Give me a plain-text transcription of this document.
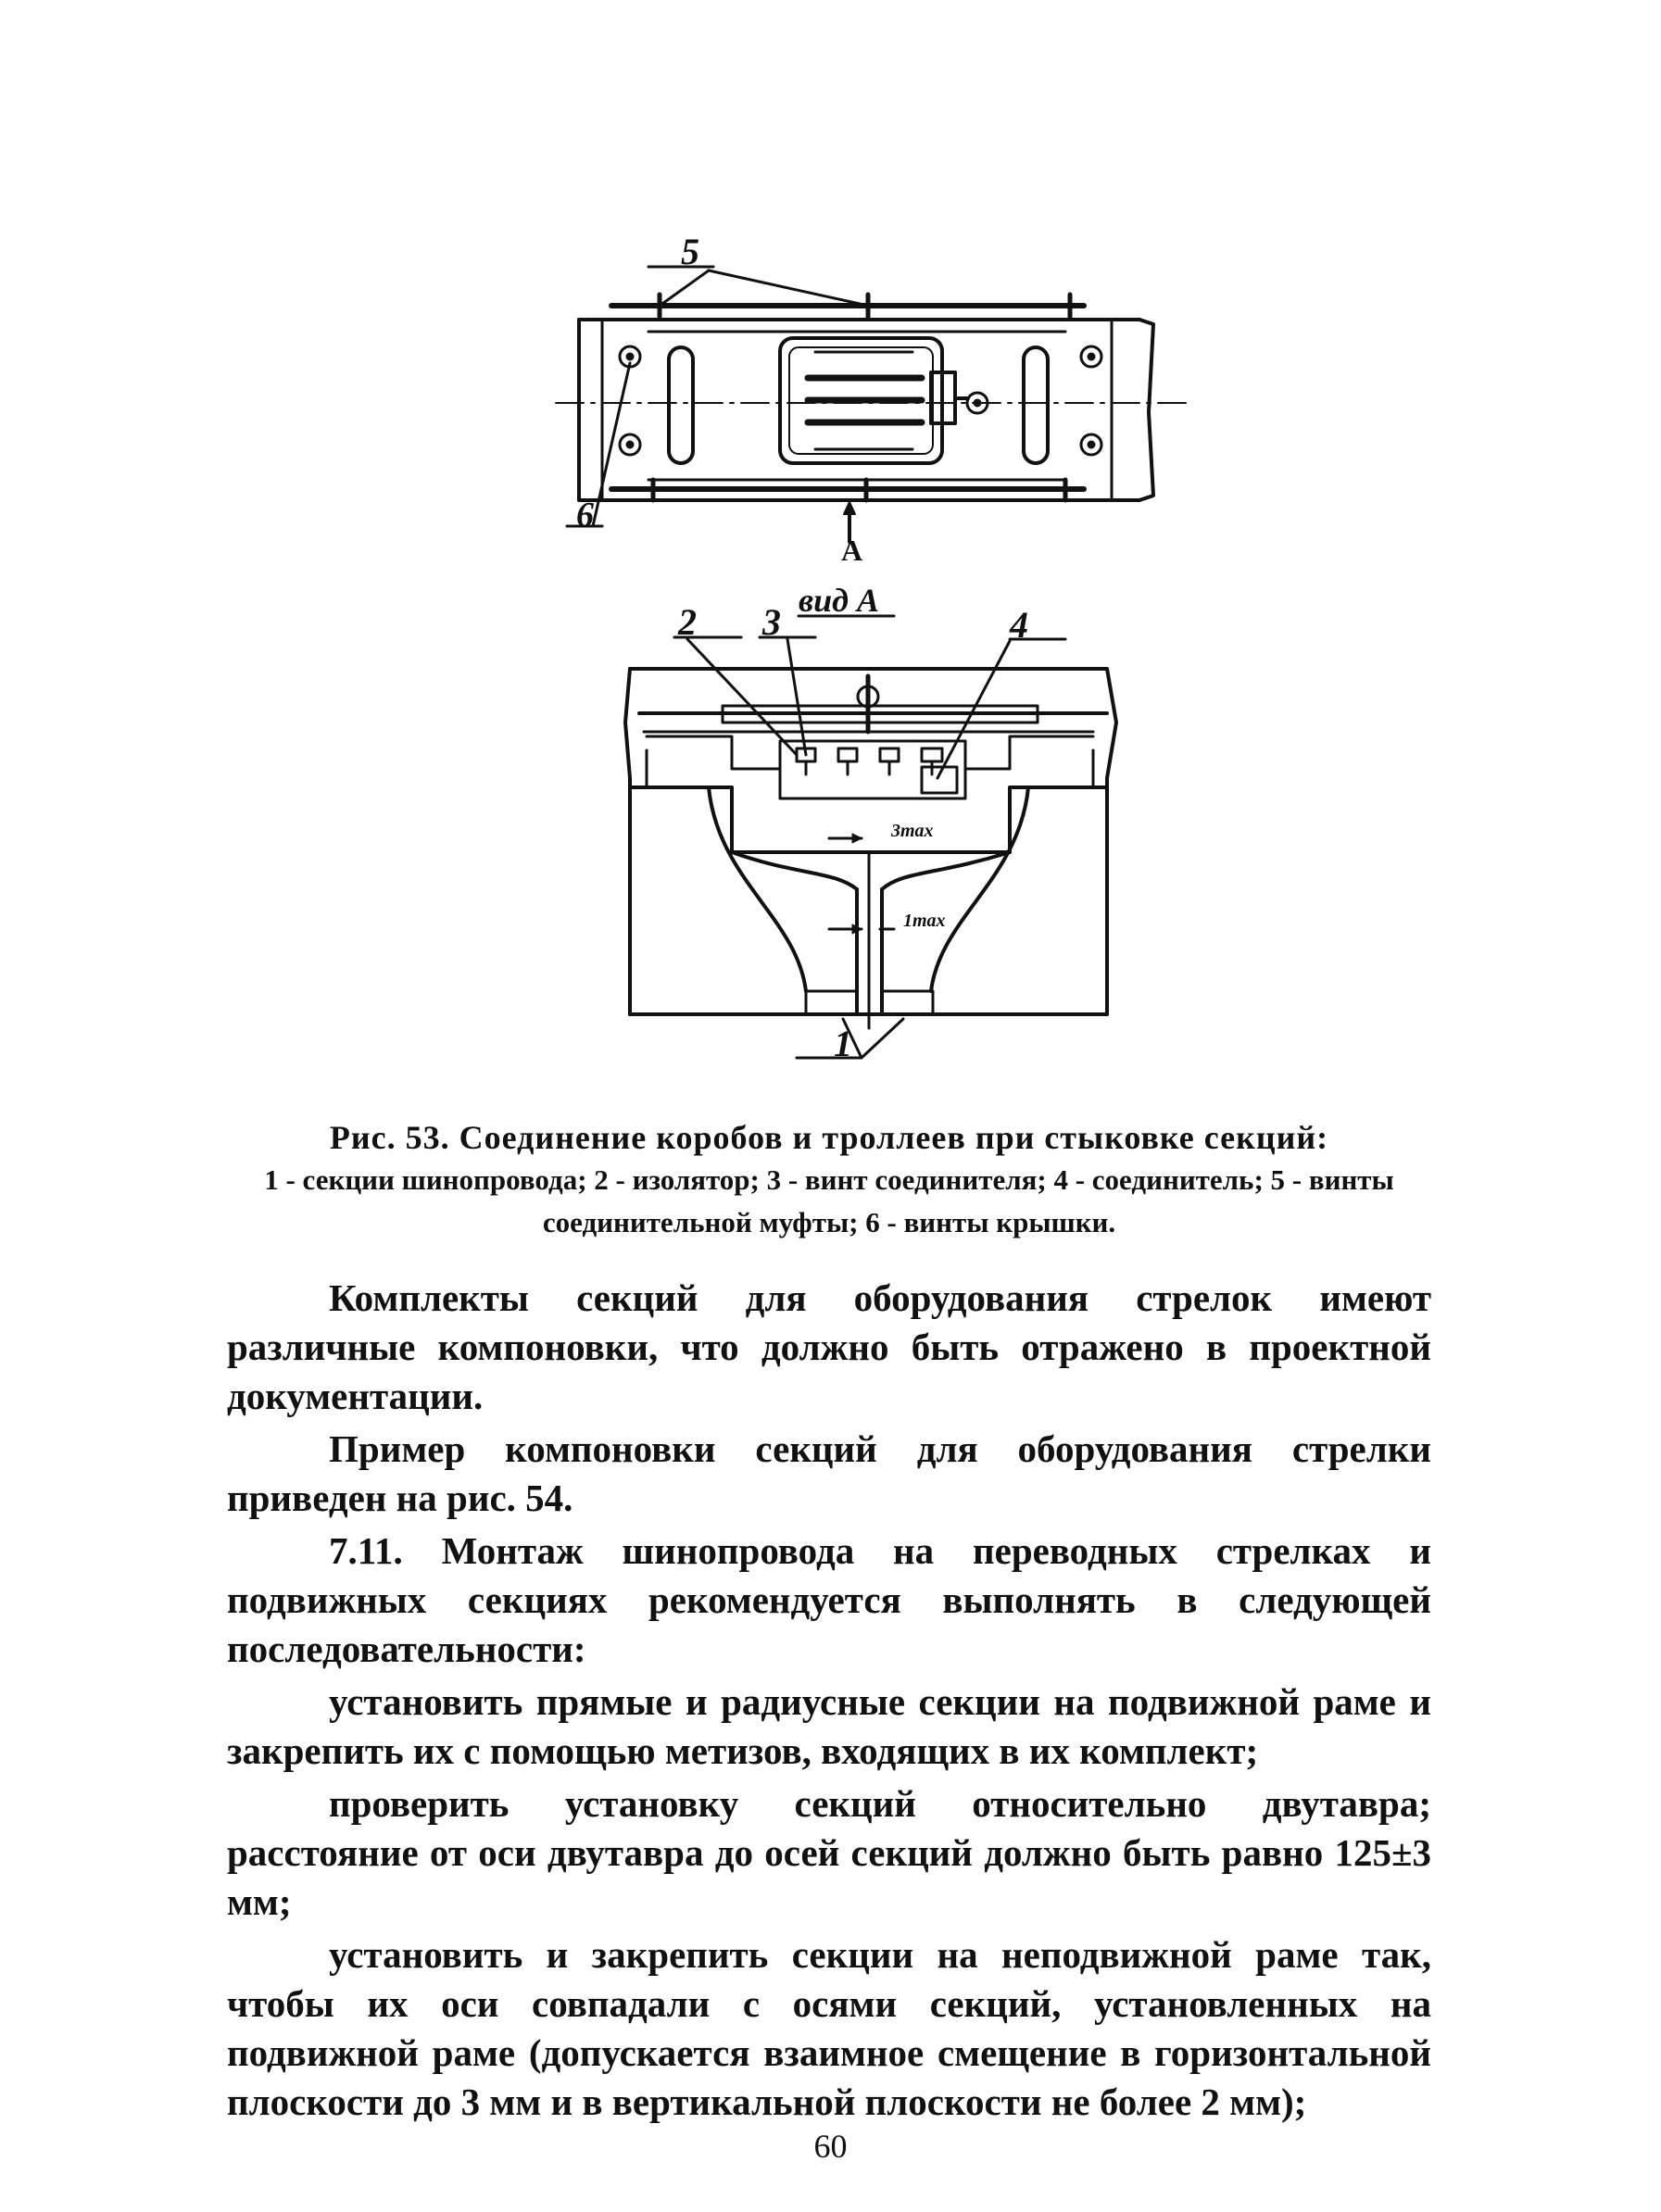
5
6
A
вид А
2 3	4
1
3max
1max
Рис. 53. Соединение коробов и троллеев при стыковке секций:
1 - секции шинопровода; 2 - изолятор; 3 - винт соединителя; 4 - соединитель; 5 - винты соединительной муфты; 6 - винты крышки.

Комплекты секций для оборудования стрелок имеют различные компоновки, что должно быть отражено в проектной документации.

Пример компоновки секций для оборудования стрелки приведен на рис. 54.

7.11. Монтаж шинопровода на переводных стрелках и подвижных секциях рекомендуется выполнять в следующей последовательности:

установить прямые и радиусные секции на подвижной раме и закрепить их с помощью метизов, входящих в их комплект;

проверить установку секций относительно двутавра; расстояние от оси двутавра до осей секций должно быть равно 125±3 мм;

установить и закрепить секции на неподвижной раме так, чтобы их оси совпадали с осями секций, установленных на подвижной раме (допускается взаимное смещение в горизонтальной плоскости до 3 мм и в вертикальной плоскости не более 2 мм);

60
